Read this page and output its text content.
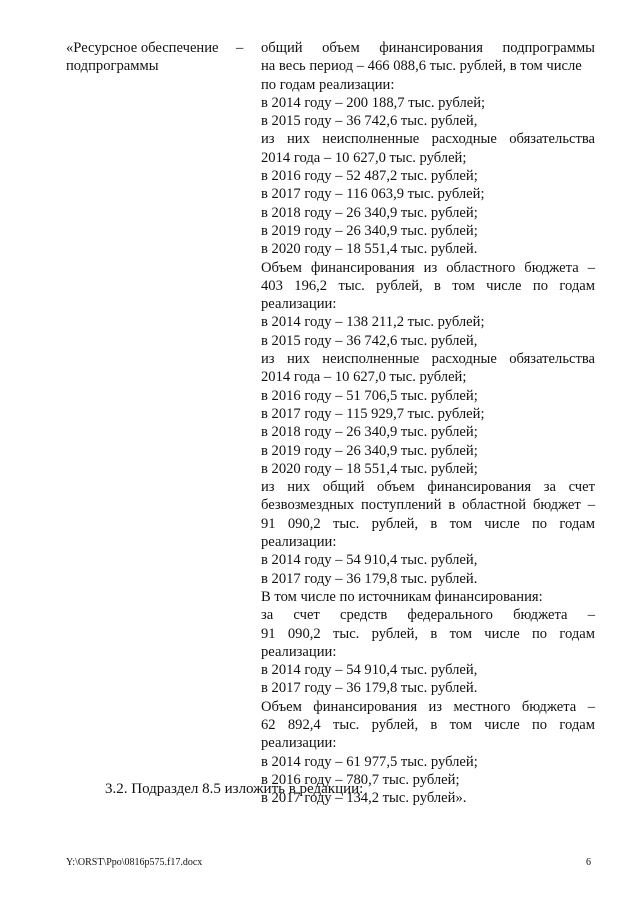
«Ресурсное обеспечение
подпрограммы
– общий объем финансирования подпрограммы
на весь период – 466 088,6 тыс. рублей, в том числе
по годам реализации:
в 2014 году – 200 188,7 тыс. рублей;
в 2015 году – 36 742,6 тыс. рублей,
из них неисполненные расходные обязательства
2014 года – 10 627,0 тыс. рублей;
в 2016 году – 52 487,2 тыс. рублей;
в 2017 году – 116 063,9 тыс. рублей;
в 2018 году – 26 340,9 тыс. рублей;
в 2019 году – 26 340,9 тыс. рублей;
в 2020 году – 18 551,4 тыс. рублей.
Объем финансирования из областного бюджета –
403 196,2 тыс. рублей, в том числе по годам
реализации:
в 2014 году – 138 211,2 тыс. рублей;
в 2015 году – 36 742,6 тыс. рублей,
из них неисполненные расходные обязательства
2014 года – 10 627,0 тыс. рублей;
в 2016 году – 51 706,5 тыс. рублей;
в 2017 году – 115 929,7 тыс. рублей;
в 2018 году – 26 340,9 тыс. рублей;
в 2019 году – 26 340,9 тыс. рублей;
в 2020 году – 18 551,4 тыс. рублей;
из них общий объем финансирования за счет
безвозмездных поступлений в областной бюджет –
91 090,2 тыс. рублей, в том числе по годам
реализации:
в 2014 году – 54 910,4 тыс. рублей,
в 2017 году – 36 179,8 тыс. рублей.
В том числе по источникам финансирования:
за счет средств федерального бюджета –
91 090,2 тыс. рублей, в том числе по годам
реализации:
в 2014 году – 54 910,4 тыс. рублей,
в 2017 году – 36 179,8 тыс. рублей.
Объем финансирования из местного бюджета –
62 892,4 тыс. рублей, в том числе по годам
реализации:
в 2014 году – 61 977,5 тыс. рублей;
в 2016 году – 780,7 тыс. рублей;
в 2017 году – 134,2 тыс. рублей».
3.2. Подраздел 8.5 изложить в редакции:
Y:\ORST\Ppo\0816p575.f17.docx	6
